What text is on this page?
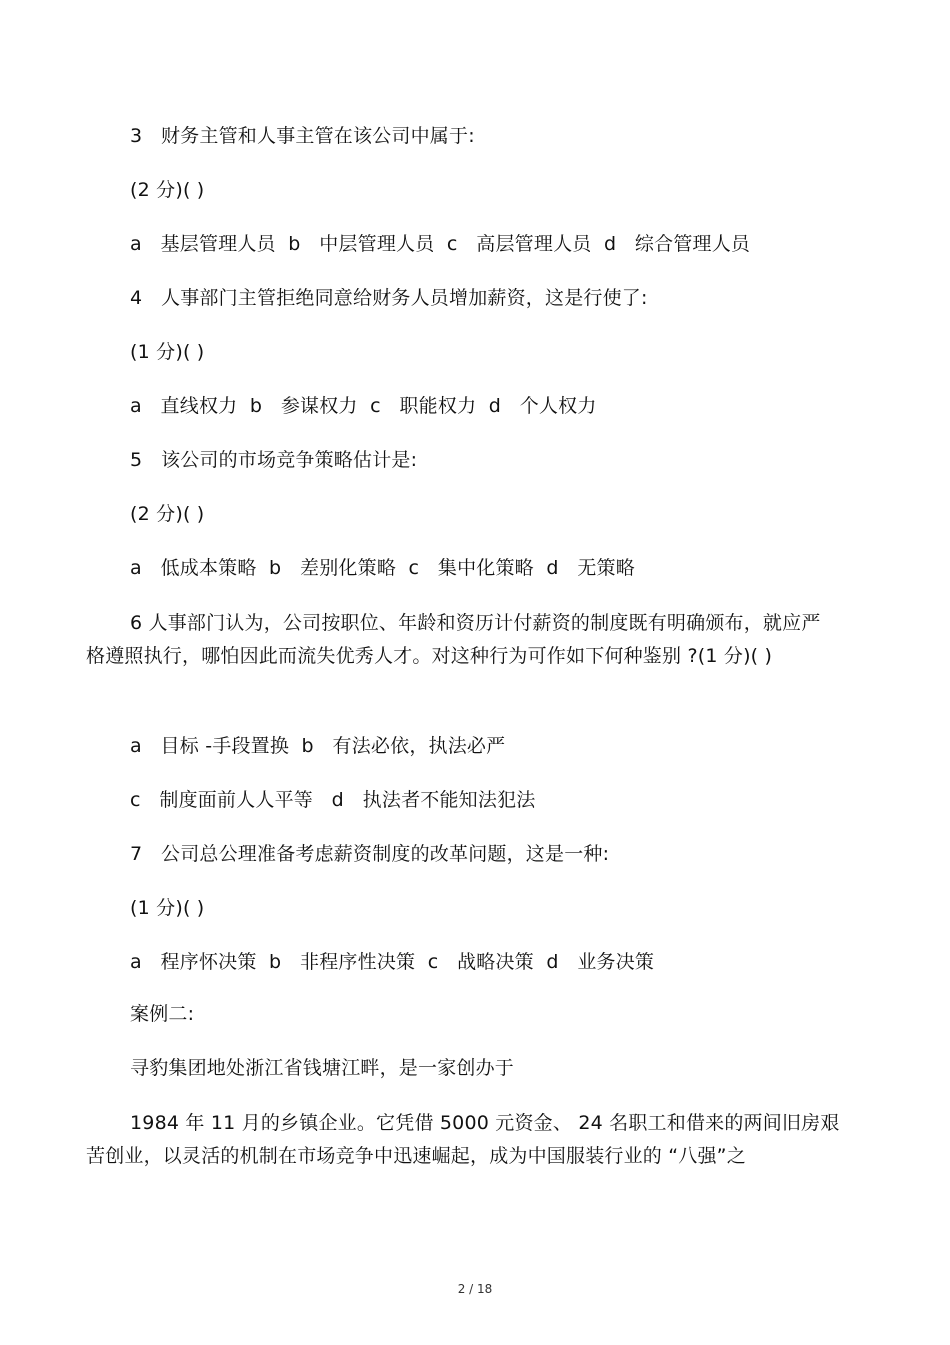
3   财务主管和人事主管在该公司中属于:
(2 分)( )
a   基层管理人员  b   中层管理人员  c   高层管理人员  d   综合管理人员
4   人事部门主管拒绝同意给财务人员增加薪资，这是行使了:
(1 分)( )
a   直线权力  b   参谋权力  c   职能权力  d   个人权力
5   该公司的市场竞争策略估计是:
(2 分)( )
a   低成本策略  b   差别化策略  c   集中化策略  d   无策略
6 人事部门认为，公司按职位、年龄和资历计付薪资的制度既有明确颁布，就应严格遵照执行，哪怕因此而流失优秀人才。对这种行为可作如下何种鉴别 ?(1 分)( )
a   目标 -手段置换  b   有法必依，执法必严
c   制度面前人人平等   d   执法者不能知法犯法
7   公司总公理准备考虑薪资制度的改革问题，这是一种:
(1 分)( )
a   程序怀决策  b   非程序性决策  c   战略决策  d   业务决策
案例二:
寻豹集团地处浙江省钱塘江畔，是一家创办于
1984 年 11 月的乡镇企业。它凭借 5000 元资金、 24 名职工和借来的两间旧房艰苦创业，以灵活的机制在市场竞争中迅速崛起，成为中国服装行业的 “八强”之
2 / 18
